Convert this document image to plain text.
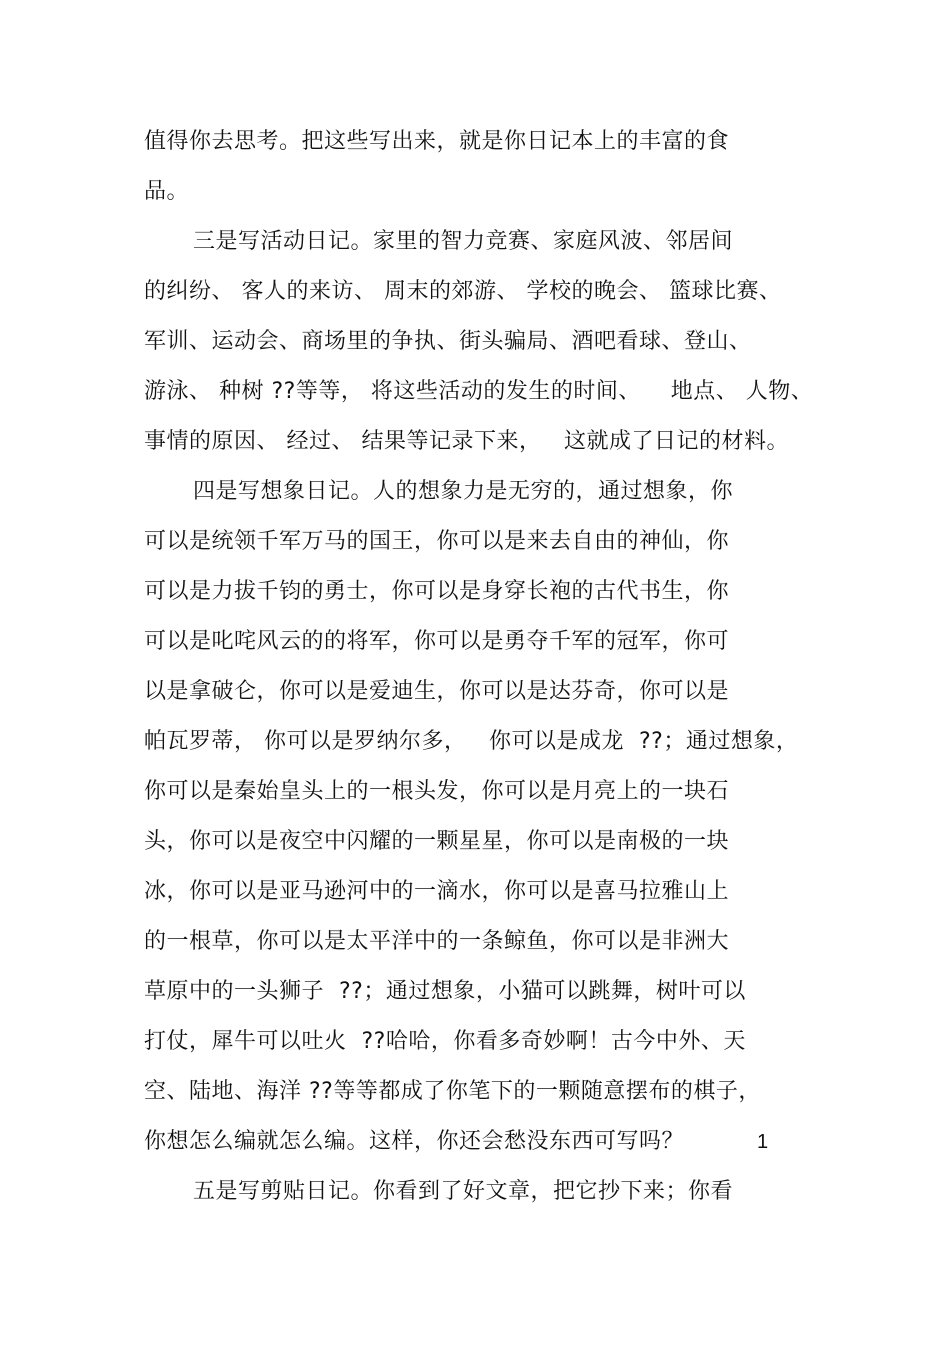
值得你去思考。把这些写出来，就是你日记本上的丰富的食
品。
三是写活动日记。家里的智力竞赛、家庭风波、邻居间
的纠纷、 客人的来访、 周末的郊游、 学校的晚会、 篮球比赛、
军训、运动会、商场里的争执、街头骗局、酒吧看球、登山、
游泳、 种树 ??等等， 将这些活动的发生的时间、    地点、 人物、
事情的原因、 经过、 结果等记录下来，   这就成了日记的材料。
四是写想象日记。人的想象力是无穷的，通过想象，你
可以是统领千军万马的国王，你可以是来去自由的神仙，你
可以是力拔千钧的勇士，你可以是身穿长袍的古代书生，你
可以是叱咤风云的的将军，你可以是勇夺千军的冠军，你可
以是拿破仑，你可以是爱迪生，你可以是达芬奇，你可以是
帕瓦罗蒂， 你可以是罗纳尔多，   你可以是成龙  ??；通过想象，
你可以是秦始皇头上的一根头发，你可以是月亮上的一块石
头，你可以是夜空中闪耀的一颗星星，你可以是南极的一块
冰，你可以是亚马逊河中的一滴水，你可以是喜马拉雅山上
的一根草，你可以是太平洋中的一条鲸鱼，你可以是非洲大
草原中的一头狮子  ??；通过想象，小猫可以跳舞，树叶可以
打仗，犀牛可以吐火  ??哈哈，你看多奇妙啊！古今中外、天
空、陆地、海洋 ??等等都成了你笔下的一颗随意摆布的棋子，
你想怎么编就怎么编。这样，你还会愁没东西可写吗？	1
五是写剪贴日记。你看到了好文章，把它抄下来；你看
